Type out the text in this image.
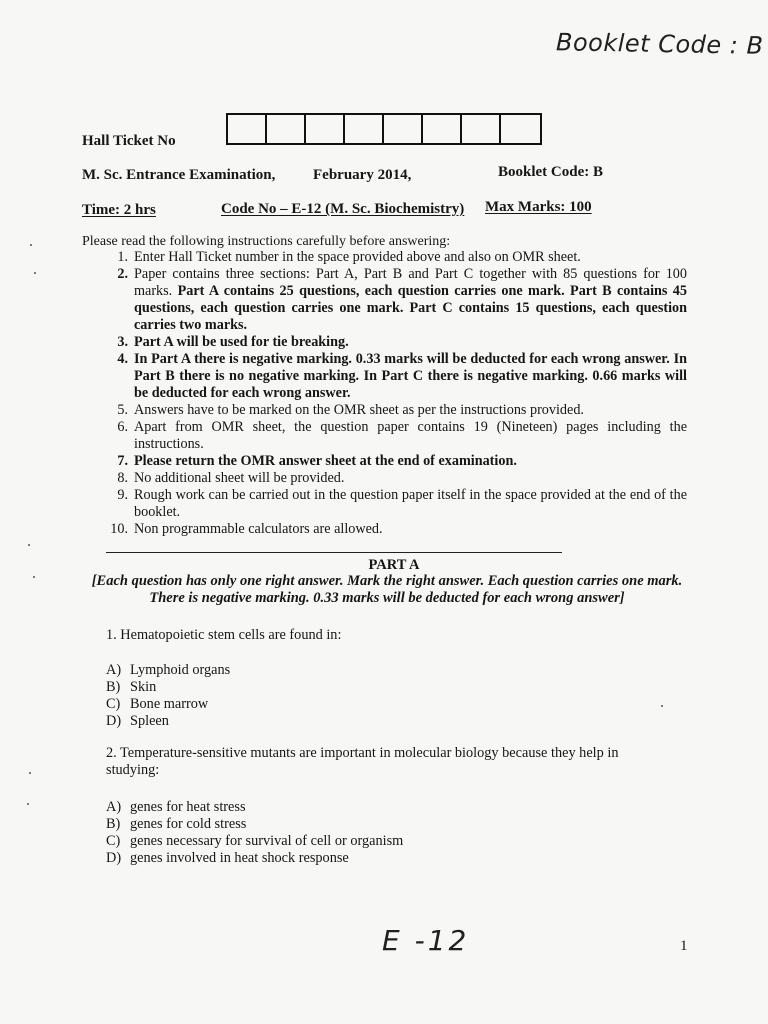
Booklet Code : B
Hall Ticket No
M. Sc. Entrance Examination,	February 2014,	Booklet Code: B
Time: 2 hrs	Code No – E-12 (M. Sc. Biochemistry) Max Marks: 100
Please read the following instructions carefully before answering:
1. Enter Hall Ticket number in the space provided above and also on OMR sheet.
2. Paper contains three sections: Part A, Part B and Part C together with 85 questions for 100 marks. Part A contains 25 questions, each question carries one mark. Part B contains 45 questions, each question carries one mark. Part C contains 15 questions, each question carries two marks.
3. Part A will be used for tie breaking.
4. In Part A there is negative marking. 0.33 marks will be deducted for each wrong answer. In Part B there is no negative marking. In Part C there is negative marking. 0.66 marks will be deducted for each wrong answer.
5. Answers have to be marked on the OMR sheet as per the instructions provided.
6. Apart from OMR sheet, the question paper contains 19 (Nineteen) pages including the instructions.
7. Please return the OMR answer sheet at the end of examination.
8. No additional sheet will be provided.
9. Rough work can be carried out in the question paper itself in the space provided at the end of the booklet.
10. Non programmable calculators are allowed.
PART A
[Each question has only one right answer. Mark the right answer. Each question carries one mark. There is negative marking. 0.33 marks will be deducted for each wrong answer]
1. Hematopoietic stem cells are found in:
A) Lymphoid organs
B) Skin
C) Bone marrow
D) Spleen
2. Temperature-sensitive mutants are important in molecular biology because they help in studying:
A) genes for heat stress
B) genes for cold stress
C) genes necessary for survival of cell or organism
D) genes involved in heat shock response
E -12	1
